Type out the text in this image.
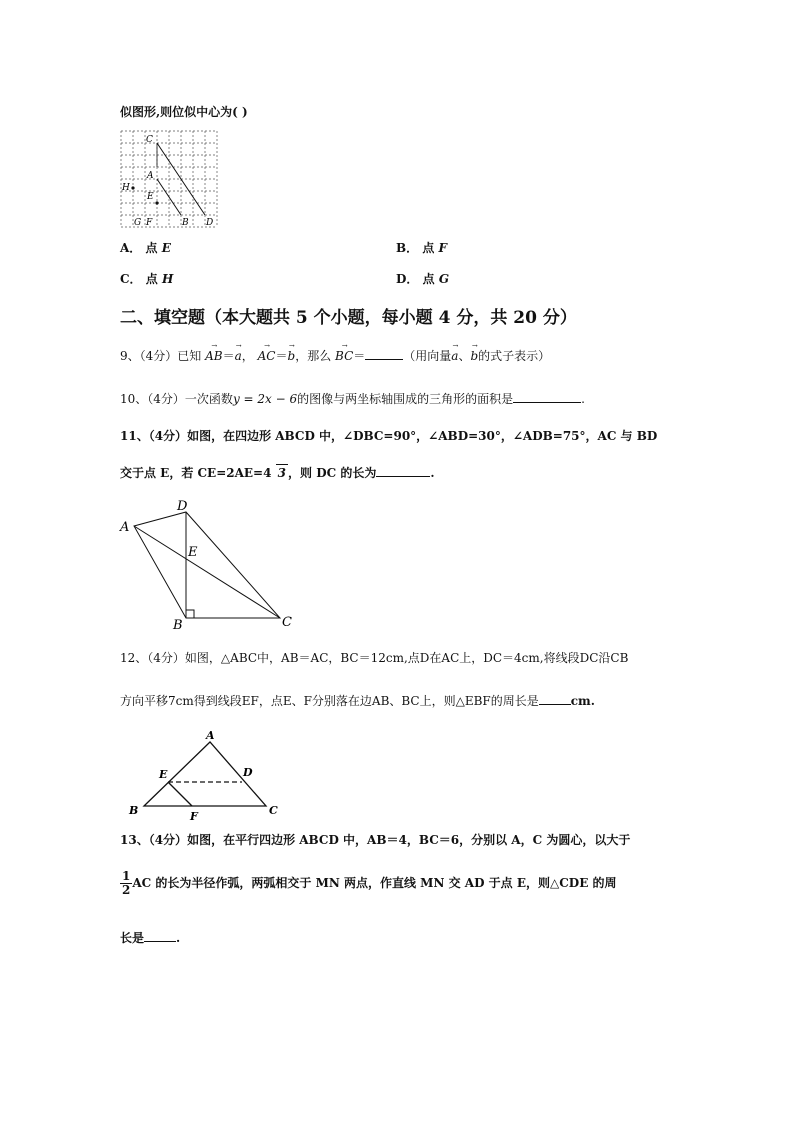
似图形,则位似中心为( )
C
A
E
H
G F	B D
A． 点 E	B． 点 F
C． 点 H	D． 点 G
二、填空题（本大题共 5 个小题，每小题 4 分，共 20 分）
9、（4分）已知
→
AB＝
→
a，
→
AC＝
→
b，那么
→
BC＝	（用向量
→
a、
→
b的式子表示）
10、（4分）一次函数y = 2x − 6的图像与两坐标轴围成的三角形的面积是	.
11、（4分）如图，在四边形 ABCD 中，∠DBC=90°，∠ABD=30°，∠ADB=75°，AC 与 BD
交于点 E，若 CE=2AE=4 3 ，则 DC 的长为	.
A
D
E
B	C
12、（4分）如图，△ABC中，AB＝AC，BC＝12cm,点D在AC上，DC＝4cm,将线段DC沿CB
方向平移7cm得到线段EF，点E、F分别落在边AB、BC上，则△EBF的周长是	cm.
A
E	D
B	F	C
13、（4分）如图，在平行四边形 ABCD 中，AB＝4，BC＝6，分别以 A，C 为圆心，以大于
$\frac{1}{2}$ AC 的长为半径作弧，两弧相交于 MN 两点，作直线 MN 交 AD 于点 E，则△CDE 的周
长是	.
